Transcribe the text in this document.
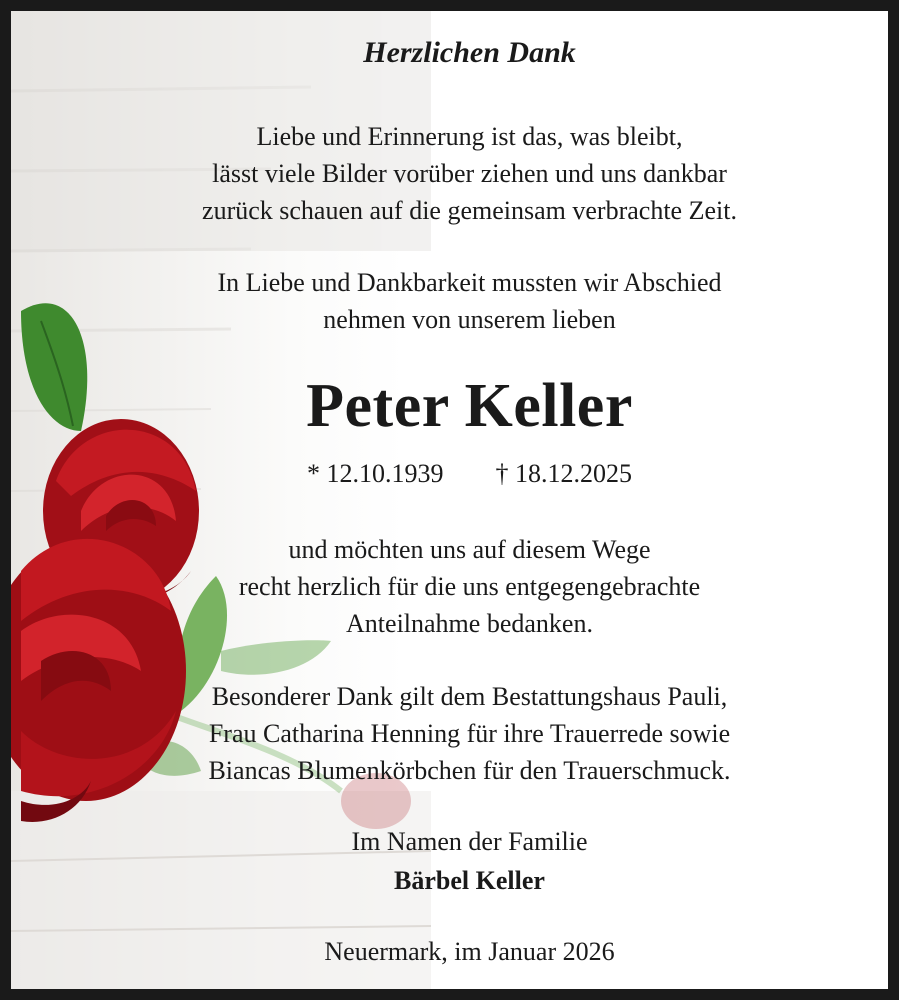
Herzlichen Dank
Liebe und Erinnerung ist das, was bleibt,
lässt viele Bilder vorüber ziehen und uns dankbar
zurück schauen auf die gemeinsam verbrachte Zeit.
In Liebe und Dankbarkeit mussten wir Abschied
nehmen von unserem lieben
Peter Keller
* 12.10.1939 † 18.12.2025
und möchten uns auf diesem Wege
recht herzlich für die uns entgegengebrachte
Anteilnahme bedanken.
Besonderer Dank gilt dem Bestattungshaus Pauli,
Frau Catharina Henning für ihre Trauerrede sowie
Biancas Blumenkörbchen für den Trauerschmuck.
Im Namen der Familie
Bärbel Keller
Neuermark, im Januar 2026
